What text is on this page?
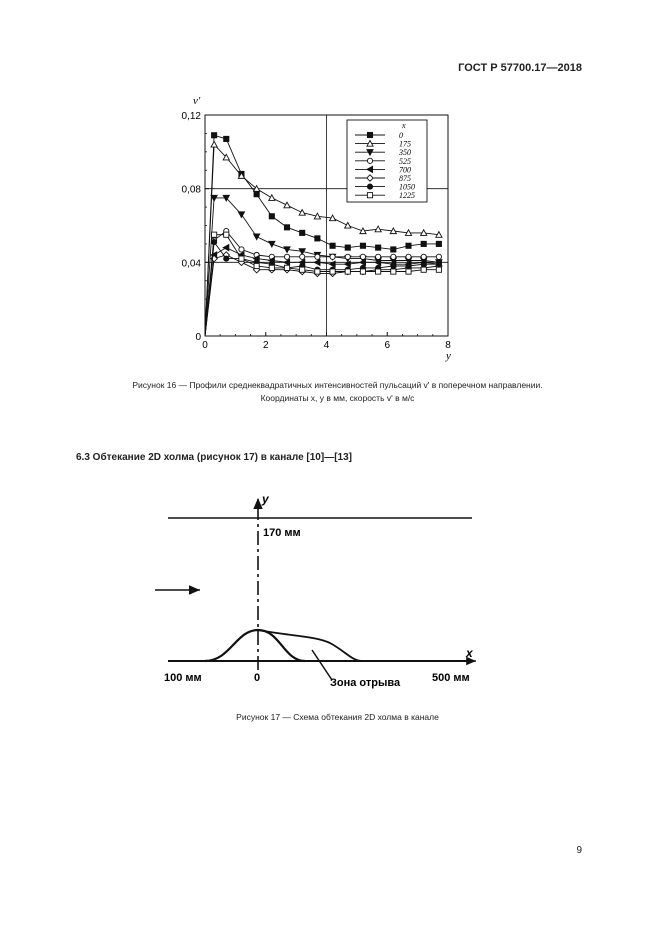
ГОСТ Р 57700.17—2018
0	2	4	6	8
0
0,04
0,08
0,12
v'
y
x
0
175
350
525
700
875
1050
1225
Рисунок 16 — Профили среднеквадратичных интенсивностей пульсаций v' в поперечном направлении.
Координаты x, y в мм, скорость v' в м/с
6.3 Обтекание 2D холма (рисунок 17) в канале [10]—[13]
y
x
170 мм
100 мм	0	500 мм
Зона отрыва
Рисунок 17 — Схема обтекания 2D холма в канале
9
